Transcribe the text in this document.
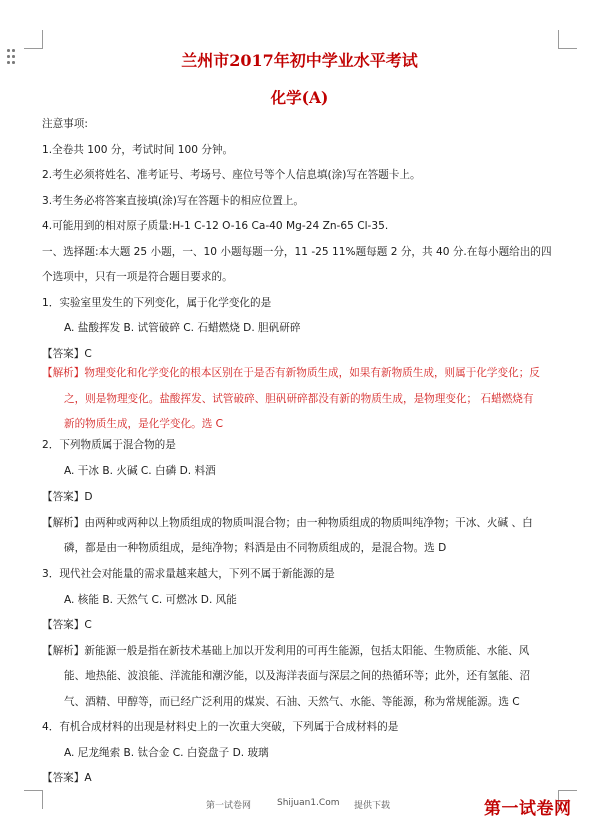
兰州市2017年初中学业水平考试
化学(A)
注意事项:
1.全卷共 100 分，考试时间 100 分钟。
2.考生必须将姓名、准考证号、考场号、座位号等个人信息填(涂)写在答题卡上。
3.考生务必将答案直接填(涂)写在答题卡的相应位置上。
4.可能用到的相对原子质量:H-1 C-12 O-16 Ca-40 Mg-24 Zn-65 Cl-35.
一、选择题:本大题 25 小题，一、10 小题每题一分，11 -25 11%题每题 2 分，共 40 分.在每小题给出的四
个选项中，只有一项是符合题目要求的。
1．实验室里发生的下列变化，属于化学变化的是
A. 盐酸挥发 B. 试管破碎 C. 石蜡燃烧 D. 胆矾研碎
【答案】C
【解析】物理变化和化学变化的根本区别在于是否有新物质生成，如果有新物质生成，则属于化学变化；反
之，则是物理变化。盐酸挥发、试管破碎、胆矾研碎都没有新的物质生成，是物理变化； 石蜡燃烧有
新的物质生成，是化学变化。选 C
2．下列物质属于混合物的是
A. 干冰 B. 火碱 C. 白磷 D. 料酒
【答案】D
【解析】由两种或两种以上物质组成的物质叫混合物；由一种物质组成的物质叫纯净物；干冰、火碱 、白
磷，都是由一种物质组成，是纯净物；料酒是由不同物质组成的，是混合物。选 D
3．现代社会对能量的需求量越来越大，下列不属于新能源的是
A. 核能 B. 天然气 C. 可燃冰 D. 风能
【答案】C
【解析】新能源一般是指在新技术基础上加以开发利用的可再生能源，包括太阳能、生物质能、水能、风
能、地热能、波浪能、洋流能和潮汐能，以及海洋表面与深层之间的热循环等；此外，还有氢能、沼
气、酒精、甲醇等，而已经广泛利用的煤炭、石油、天然气、水能、等能源，称为常规能源。选 C
4．有机合成材料的出现是材料史上的一次重大突破，下列属于合成材料的是
A. 尼龙绳索 B. 钛合金 C. 白瓷盘子 D. 玻璃
【答案】A
第一试卷网	Shijuan1.Com 提供下载	第一试卷网
